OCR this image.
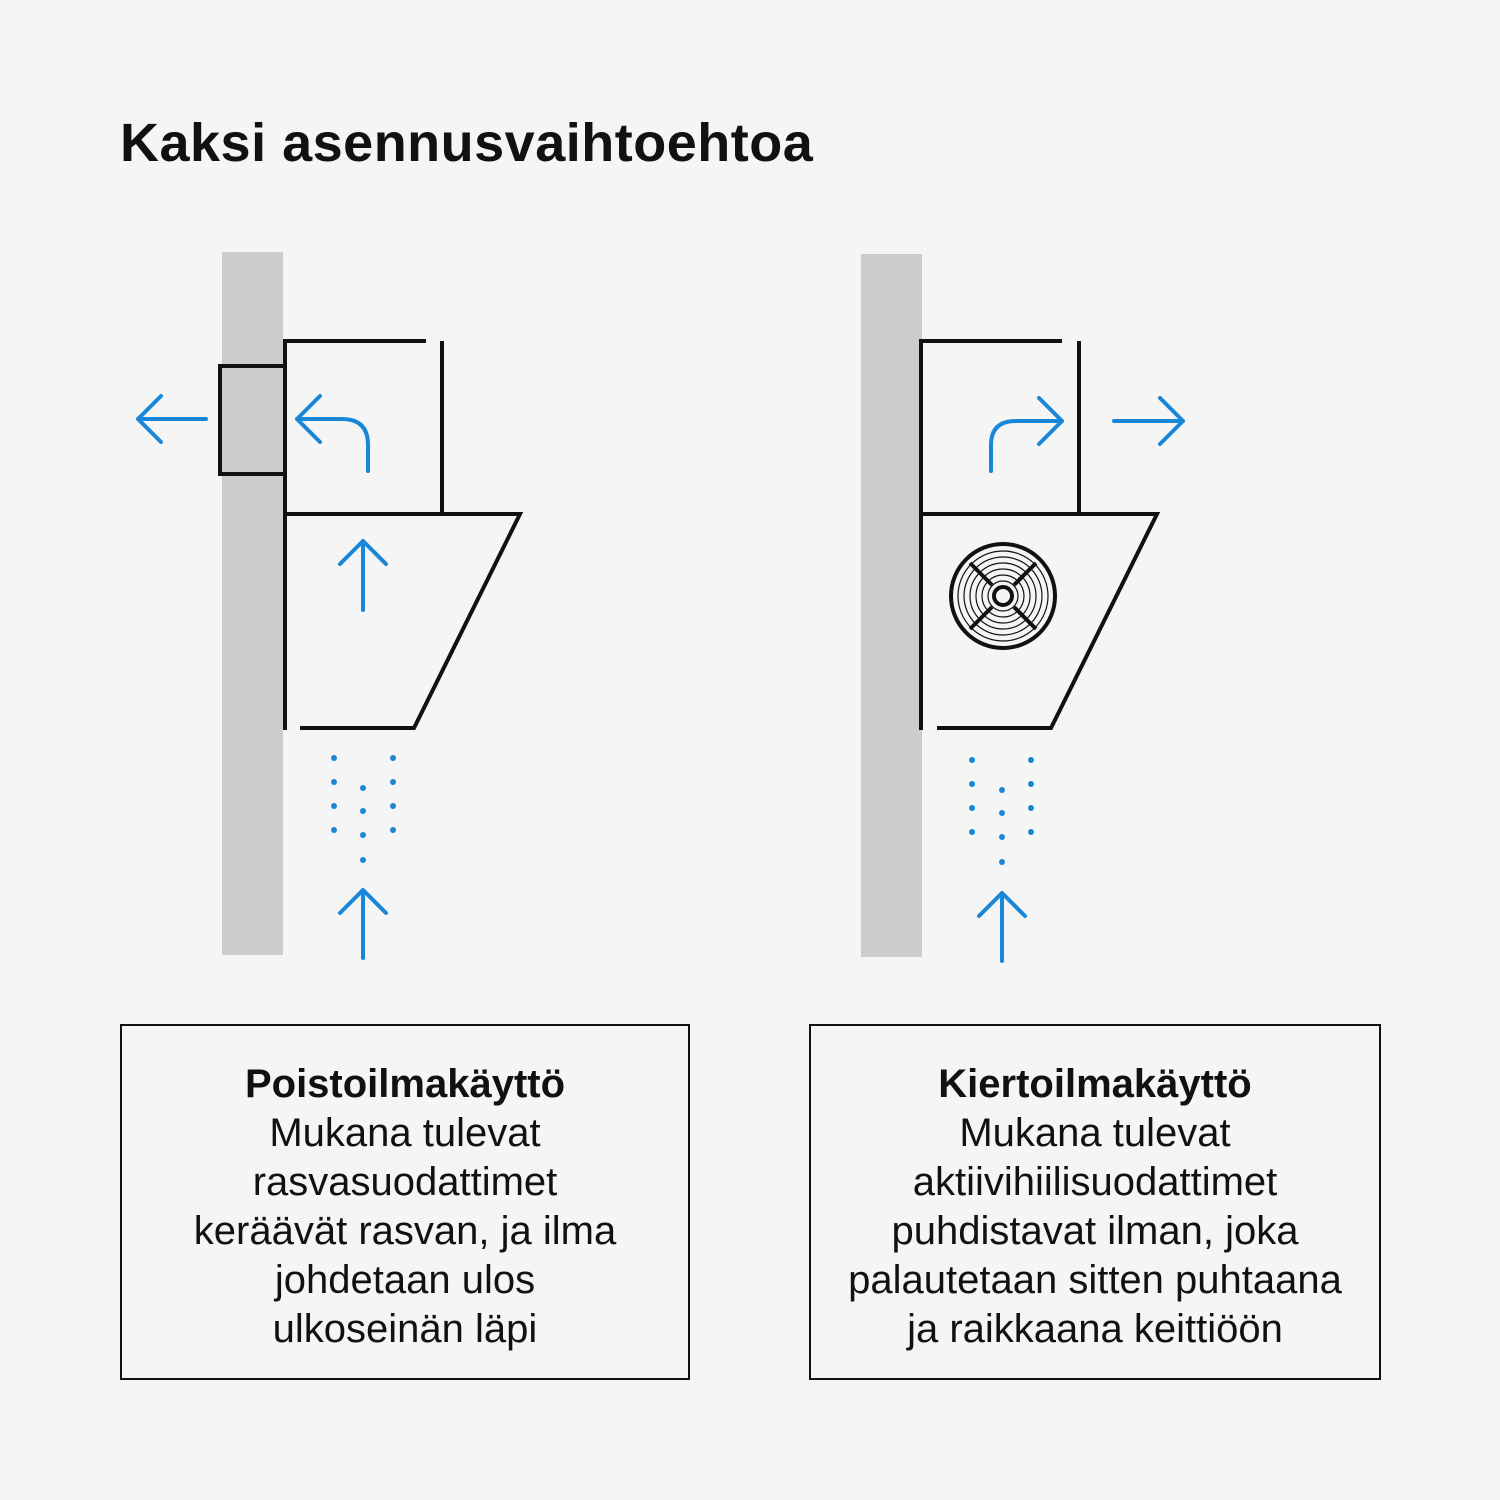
Kaksi asennusvaihtoehtoa
Poistoilmakäyttö
Mukana tulevat
rasvasuodattimet
keräävät rasvan, ja ilma
johdetaan ulos
ulkoseinän läpi
Kiertoilmakäyttö
Mukana tulevat
aktiivihiilisuodattimet
puhdistavat ilman, joka
palautetaan sitten puhtaana
ja raikkaana keittiöön
